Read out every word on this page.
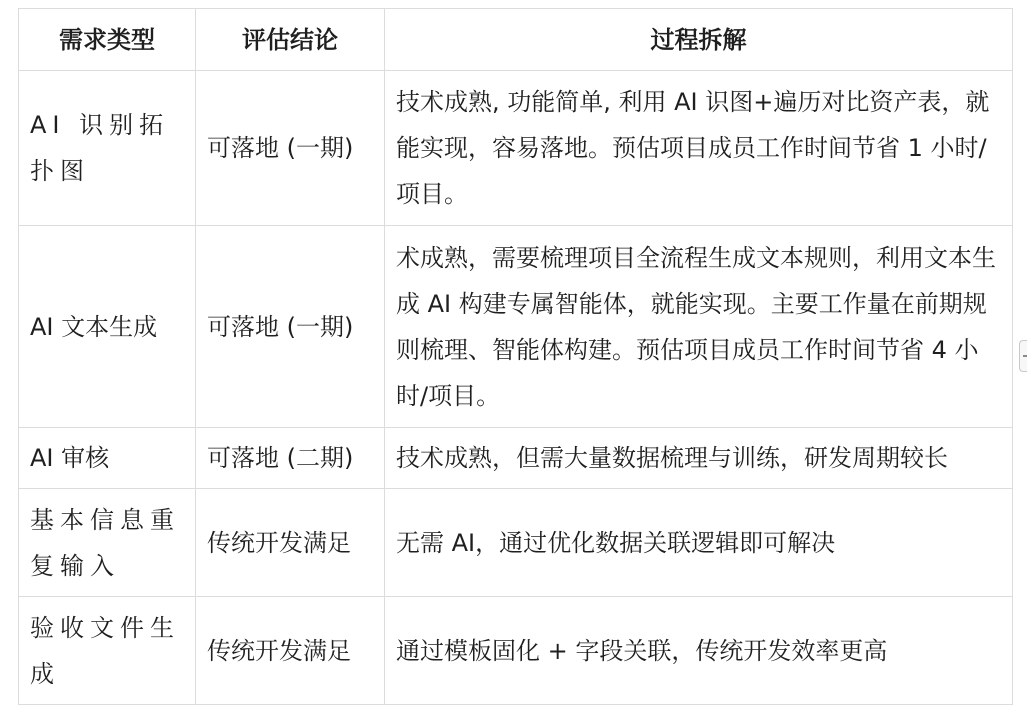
需求类型	评估结论	过程拆解
AI 识别拓扑图	可落地 (一期)	技术成熟, 功能简单, 利用 AI 识图+遍历对比资产表，就能实现，容易落地。预估项目成员工作时间节省 1 小时/项目。
AI 文本生成	可落地 (一期)	术成熟，需要梳理项目全流程生成文本规则，利用文本生成 AI 构建专属智能体，就能实现。主要工作量在前期规则梳理、智能体构建。预估项目成员工作时间节省 4 小时/项目。
AI 审核	可落地 (二期)	技术成熟，但需大量数据梳理与训练，研发周期较长
基本信息重复输入	传统开发满足	无需 AI，通过优化数据关联逻辑即可解决
验收文件生成	传统开发满足	通过模板固化 + 字段关联，传统开发效率更高
